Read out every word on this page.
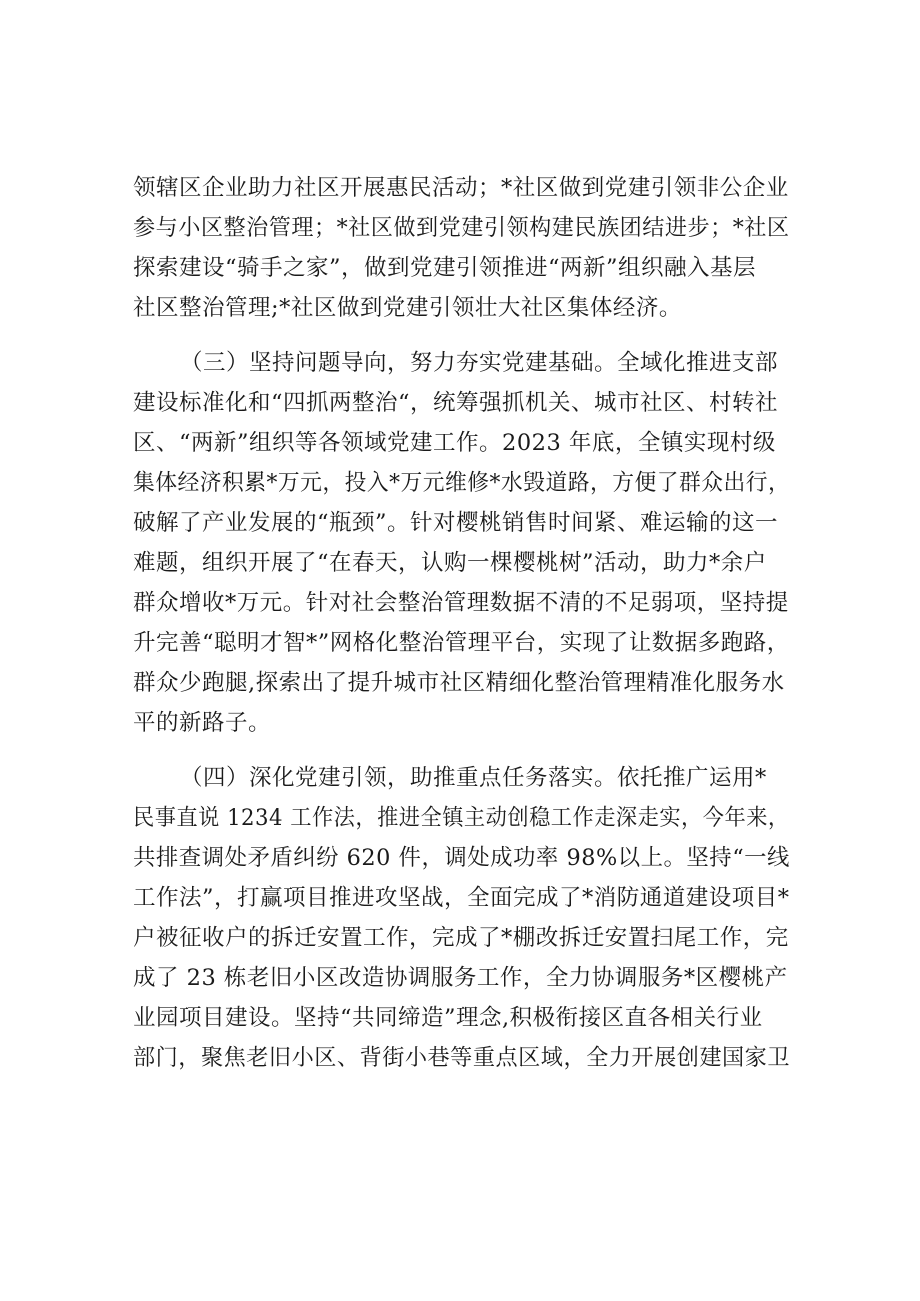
领辖区企业助力社区开展惠民活动；*社区做到党建引领非公企业
参与小区整治管理；*社区做到党建引领构建民族团结进步；*社区
探索建设“骑手之家”，做到党建引领推进“两新”组织融入基层
社区整治管理;*社区做到党建引领壮大社区集体经济。
（三）坚持问题导向，努力夯实党建基础。全域化推进支部
建设标准化和“四抓两整治“，统筹强抓机关、城市社区、村转社
区、“两新”组织等各领域党建工作。2023 年底，全镇实现村级
集体经济积累*万元，投入*万元维修*水毁道路，方便了群众出行，
破解了产业发展的“瓶颈”。针对樱桃销售时间紧、难运输的这一
难题，组织开展了“在春天，认购一棵樱桃树”活动，助力*余户
群众增收*万元。针对社会整治管理数据不清的不足弱项，坚持提
升完善“聪明才智*”网格化整治管理平台，实现了让数据多跑路，
群众少跑腿,探索出了提升城市社区精细化整治管理精准化服务水
平的新路子。
（四）深化党建引领，助推重点任务落实。依托推广运用*
民事直说 1234 工作法，推进全镇主动创稳工作走深走实，今年来，
共排查调处矛盾纠纷 620 件，调处成功率 98%以上。坚持“一线
工作法”，打赢项目推进攻坚战，全面完成了*消防通道建设项目*
户被征收户的拆迁安置工作，完成了*棚改拆迁安置扫尾工作，完
成了 23 栋老旧小区改造协调服务工作，全力协调服务*区樱桃产
业园项目建设。坚持“共同缔造”理念,积极衔接区直各相关行业
部门，聚焦老旧小区、背街小巷等重点区域，全力开展创建国家卫
